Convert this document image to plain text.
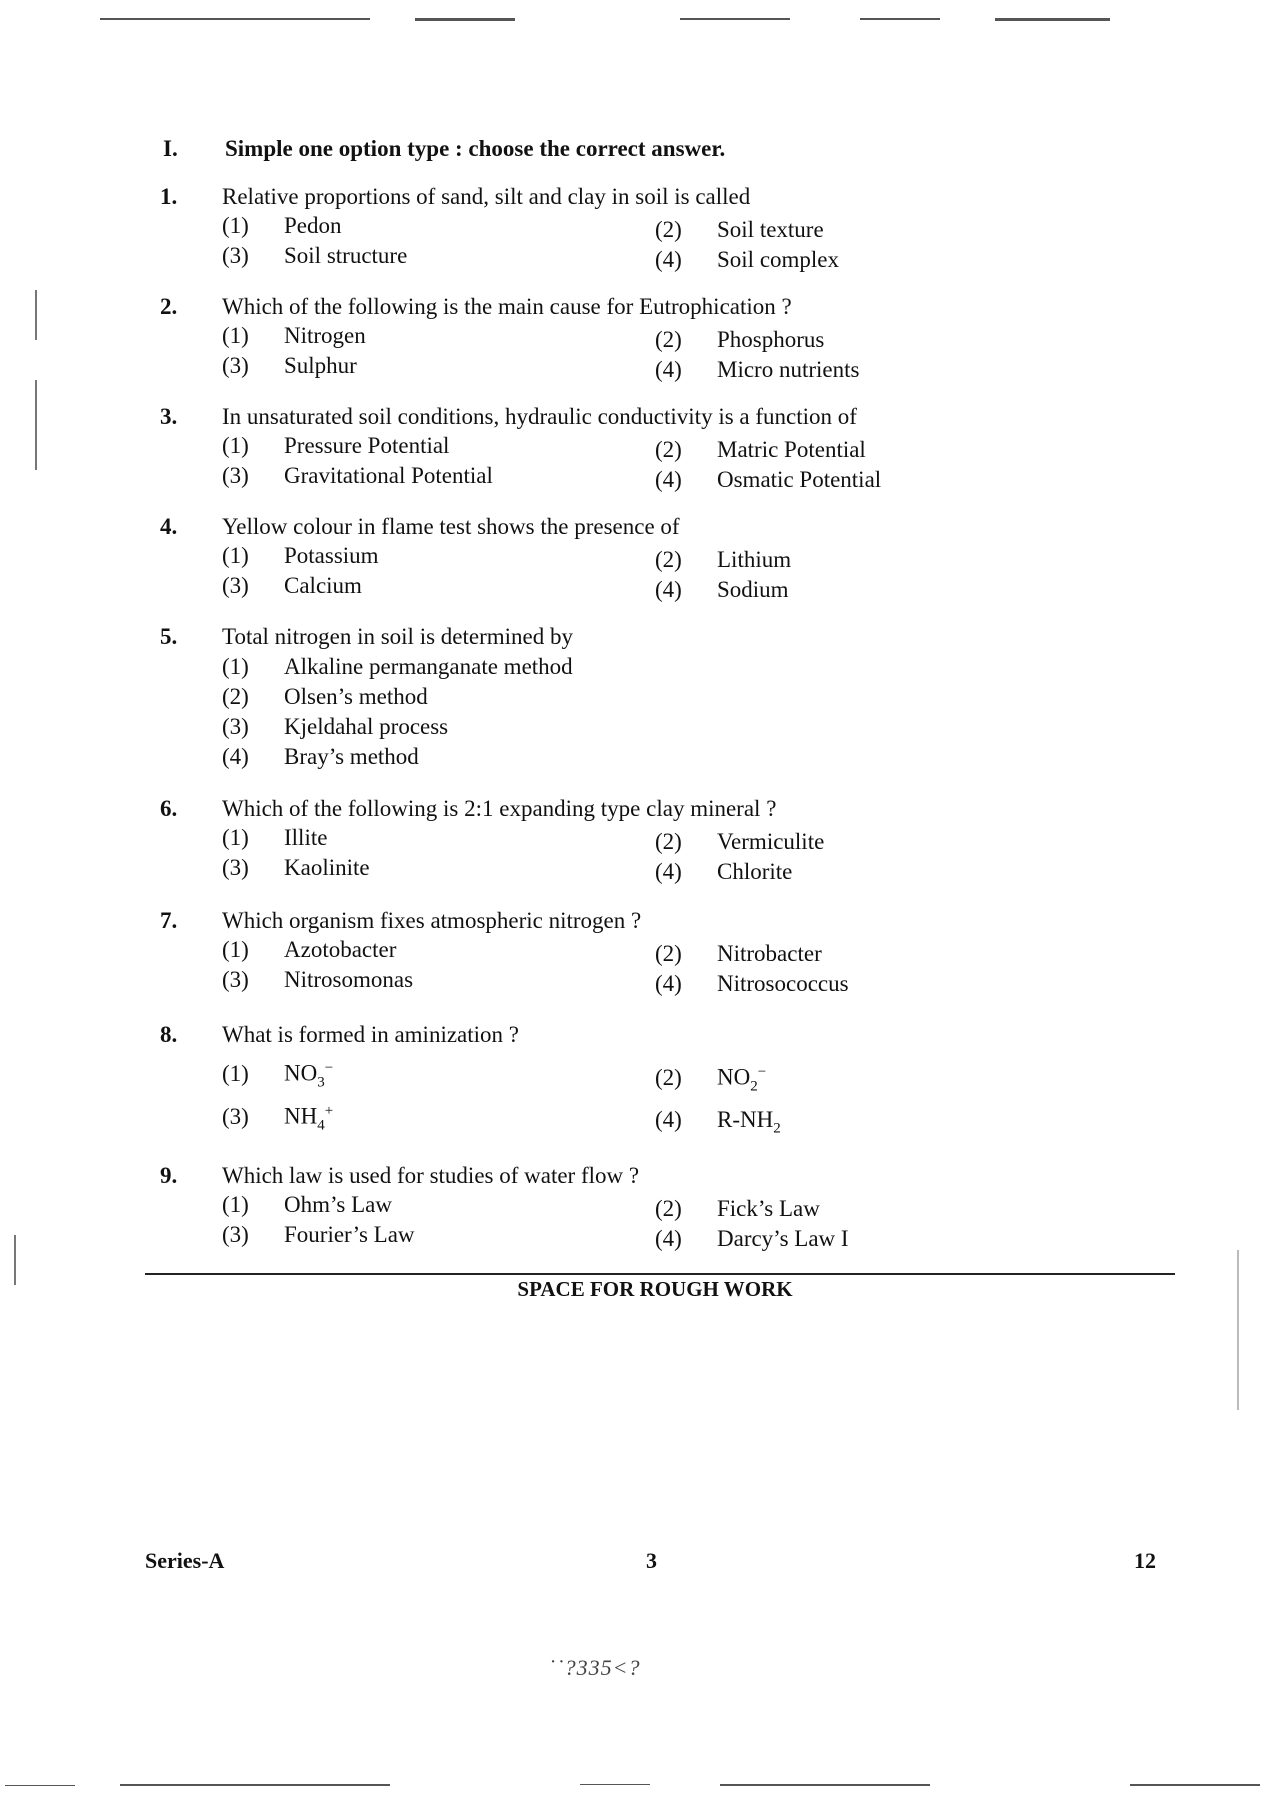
I. Simple one option type : choose the correct answer.
1. Relative proportions of sand, silt and clay in soil is called
(1) Pedon	(2) Soil texture
(3) Soil structure	(4) Soil complex
2. Which of the following is the main cause for Eutrophication ?
(1) Nitrogen	(2) Phosphorus
(3) Sulphur	(4) Micro nutrients
3. In unsaturated soil conditions, hydraulic conductivity is a function of
(1) Pressure Potential	(2) Matric Potential
(3) Gravitational Potential	(4) Osmatic Potential
4. Yellow colour in flame test shows the presence of
(1) Potassium	(2) Lithium
(3) Calcium	(4) Sodium
5. Total nitrogen in soil is determined by
(1) Alkaline permanganate method
(2) Olsen’s method
(3) Kjeldahal process
(4) Bray’s method
6. Which of the following is 2:1 expanding type clay mineral ?
(1) Illite	(2) Vermiculite
(3) Kaolinite	(4) Chlorite
7. Which organism fixes atmospheric nitrogen ?
(1) Azotobacter	(2) Nitrobacter
(3) Nitrosomonas	(4) Nitrosococcus
8. What is formed in aminization ?
(1) $NO_3^-$	(2) $NO_2^-$
(3) $NH_4^+$	(4) $R-NH_2$
9. Which law is used for studies of water flow ?
(1) Ohm’s Law	(2) Fick’s Law
(3) Fourier’s Law	(4) Darcy’s Law I
SPACE FOR ROUGH WORK
Series-A	3	12
˙˙?335<?
